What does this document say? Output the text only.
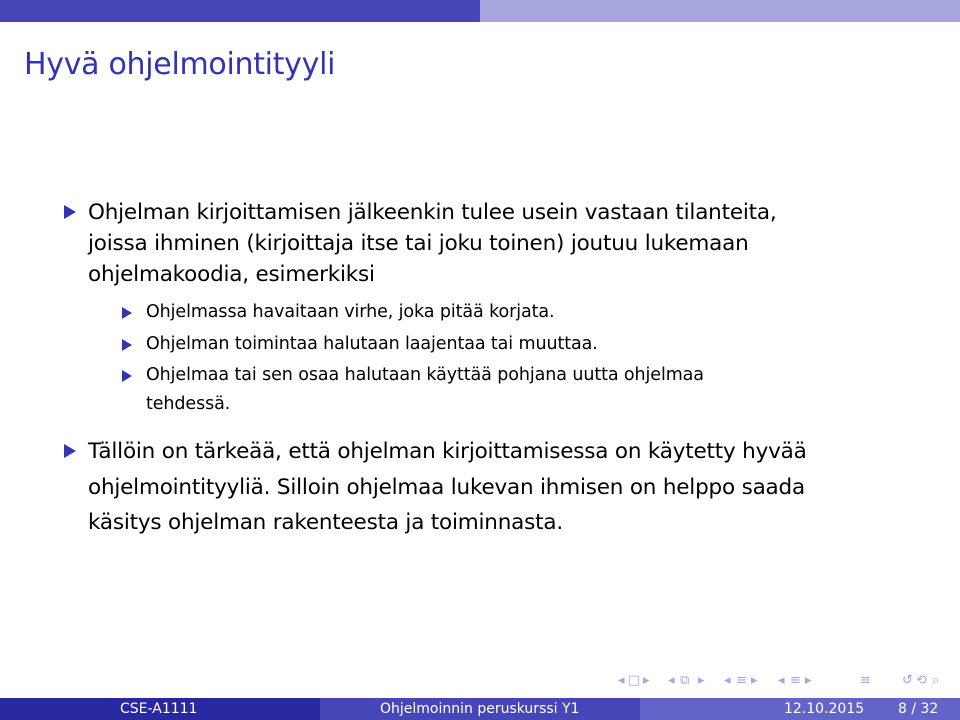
Hyvä ohjelmointityyli
Ohjelman kirjoittamisen jälkeenkin tulee usein vastaan tilanteita,
joissa ihminen (kirjoittaja itse tai joku toinen) joutuu lukemaan
ohjelmakoodia, esimerkiksi
Ohjelmassa havaitaan virhe, joka pitää korjata.
Ohjelman toimintaa halutaan laajentaa tai muuttaa.
Ohjelmaa tai sen osaa halutaan käyttää pohjana uutta ohjelmaa
tehdessä.
Tällöin on tärkeää, että ohjelman kirjoittamisessa on käytetty hyvää
ohjelmointityyliä. Silloin ohjelmaa lukevan ihmisen on helppo saada
käsitys ohjelman rakenteesta ja toiminnasta.
◂ □ ▸ ◂ ⧉ ▸ ◂ ≡ ▸ ◂ ≡ ▸	≡ ↺ ⟲ ⌕
CSE-A1111	Ohjelmoinnin peruskurssi Y1	12.10.2015 8 / 32
